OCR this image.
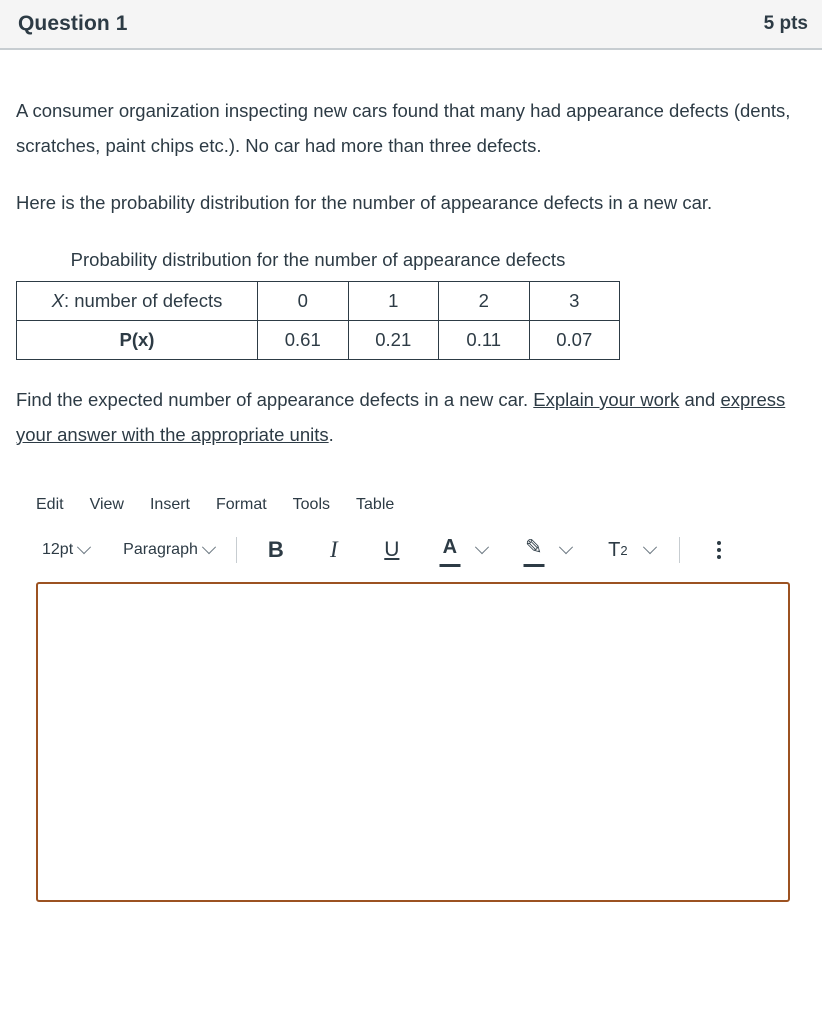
Question 1	5 pts

A consumer organization inspecting new cars found that many had appearance defects (dents, scratches, paint chips etc.). No car had more than three defects.

Here is the probability distribution for the number of appearance defects in a new car.

Probability distribution for the number of appearance defects
X: number of defects	0	1	2	3
P(x)	0.61	0.21	0.11	0.07

Find the expected number of appearance defects in a new car. Explain your work and express your answer with the appropriate units.

Edit View Insert Format Tools Table
12pt	Paragraph	B	I	U	A	✎	T 2
